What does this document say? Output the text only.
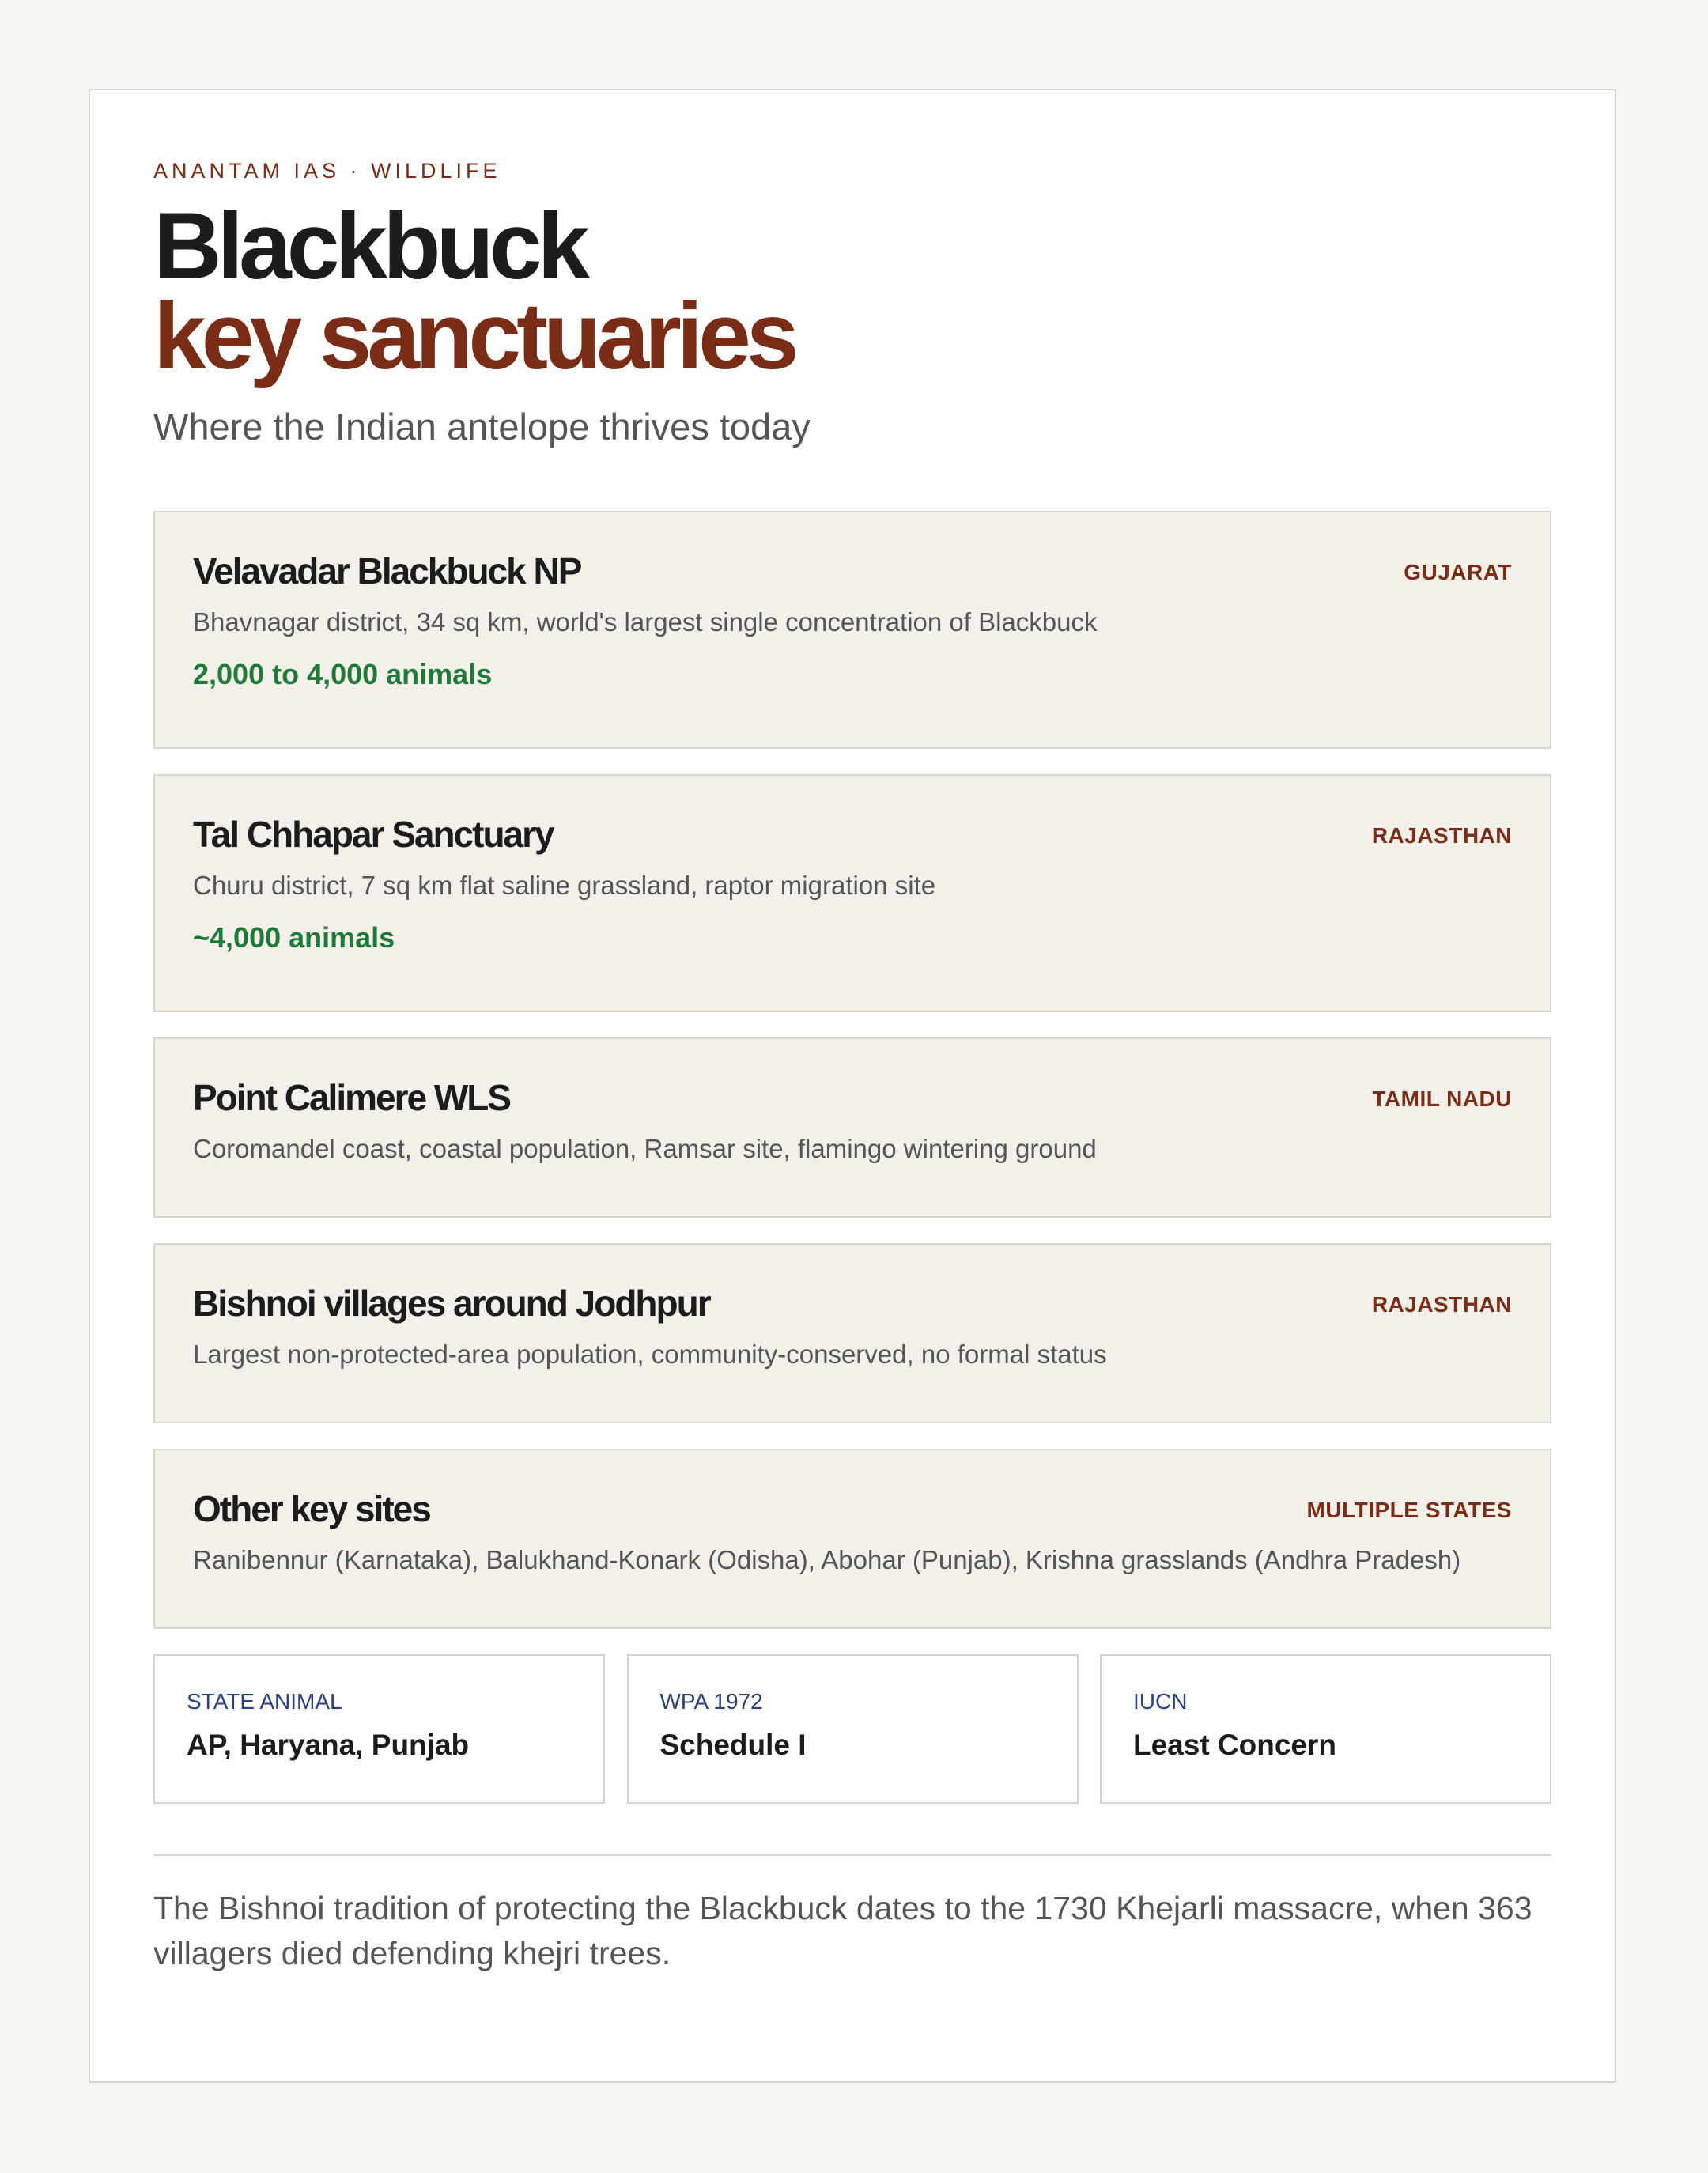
ANANTAM IAS · WILDLIFE
Blackbuck
key sanctuaries
Where the Indian antelope thrives today
Velavadar Blackbuck NP	GUJARAT
Bhavnagar district, 34 sq km, world's largest single concentration of Blackbuck
2,000 to 4,000 animals
Tal Chhapar Sanctuary	RAJASTHAN
Churu district, 7 sq km flat saline grassland, raptor migration site
~4,000 animals
Point Calimere WLS	TAMIL NADU
Coromandel coast, coastal population, Ramsar site, flamingo wintering ground
Bishnoi villages around Jodhpur	RAJASTHAN
Largest non-protected-area population, community-conserved, no formal status
Other key sites	MULTIPLE STATES
Ranibennur (Karnataka), Balukhand-Konark (Odisha), Abohar (Punjab), Krishna grasslands (Andhra Pradesh)
STATE ANIMAL
AP, Haryana, Punjab
WPA 1972
Schedule I
IUCN
Least Concern
The Bishnoi tradition of protecting the Blackbuck dates to the 1730 Khejarli massacre, when 363 villagers died defending khejri trees.
